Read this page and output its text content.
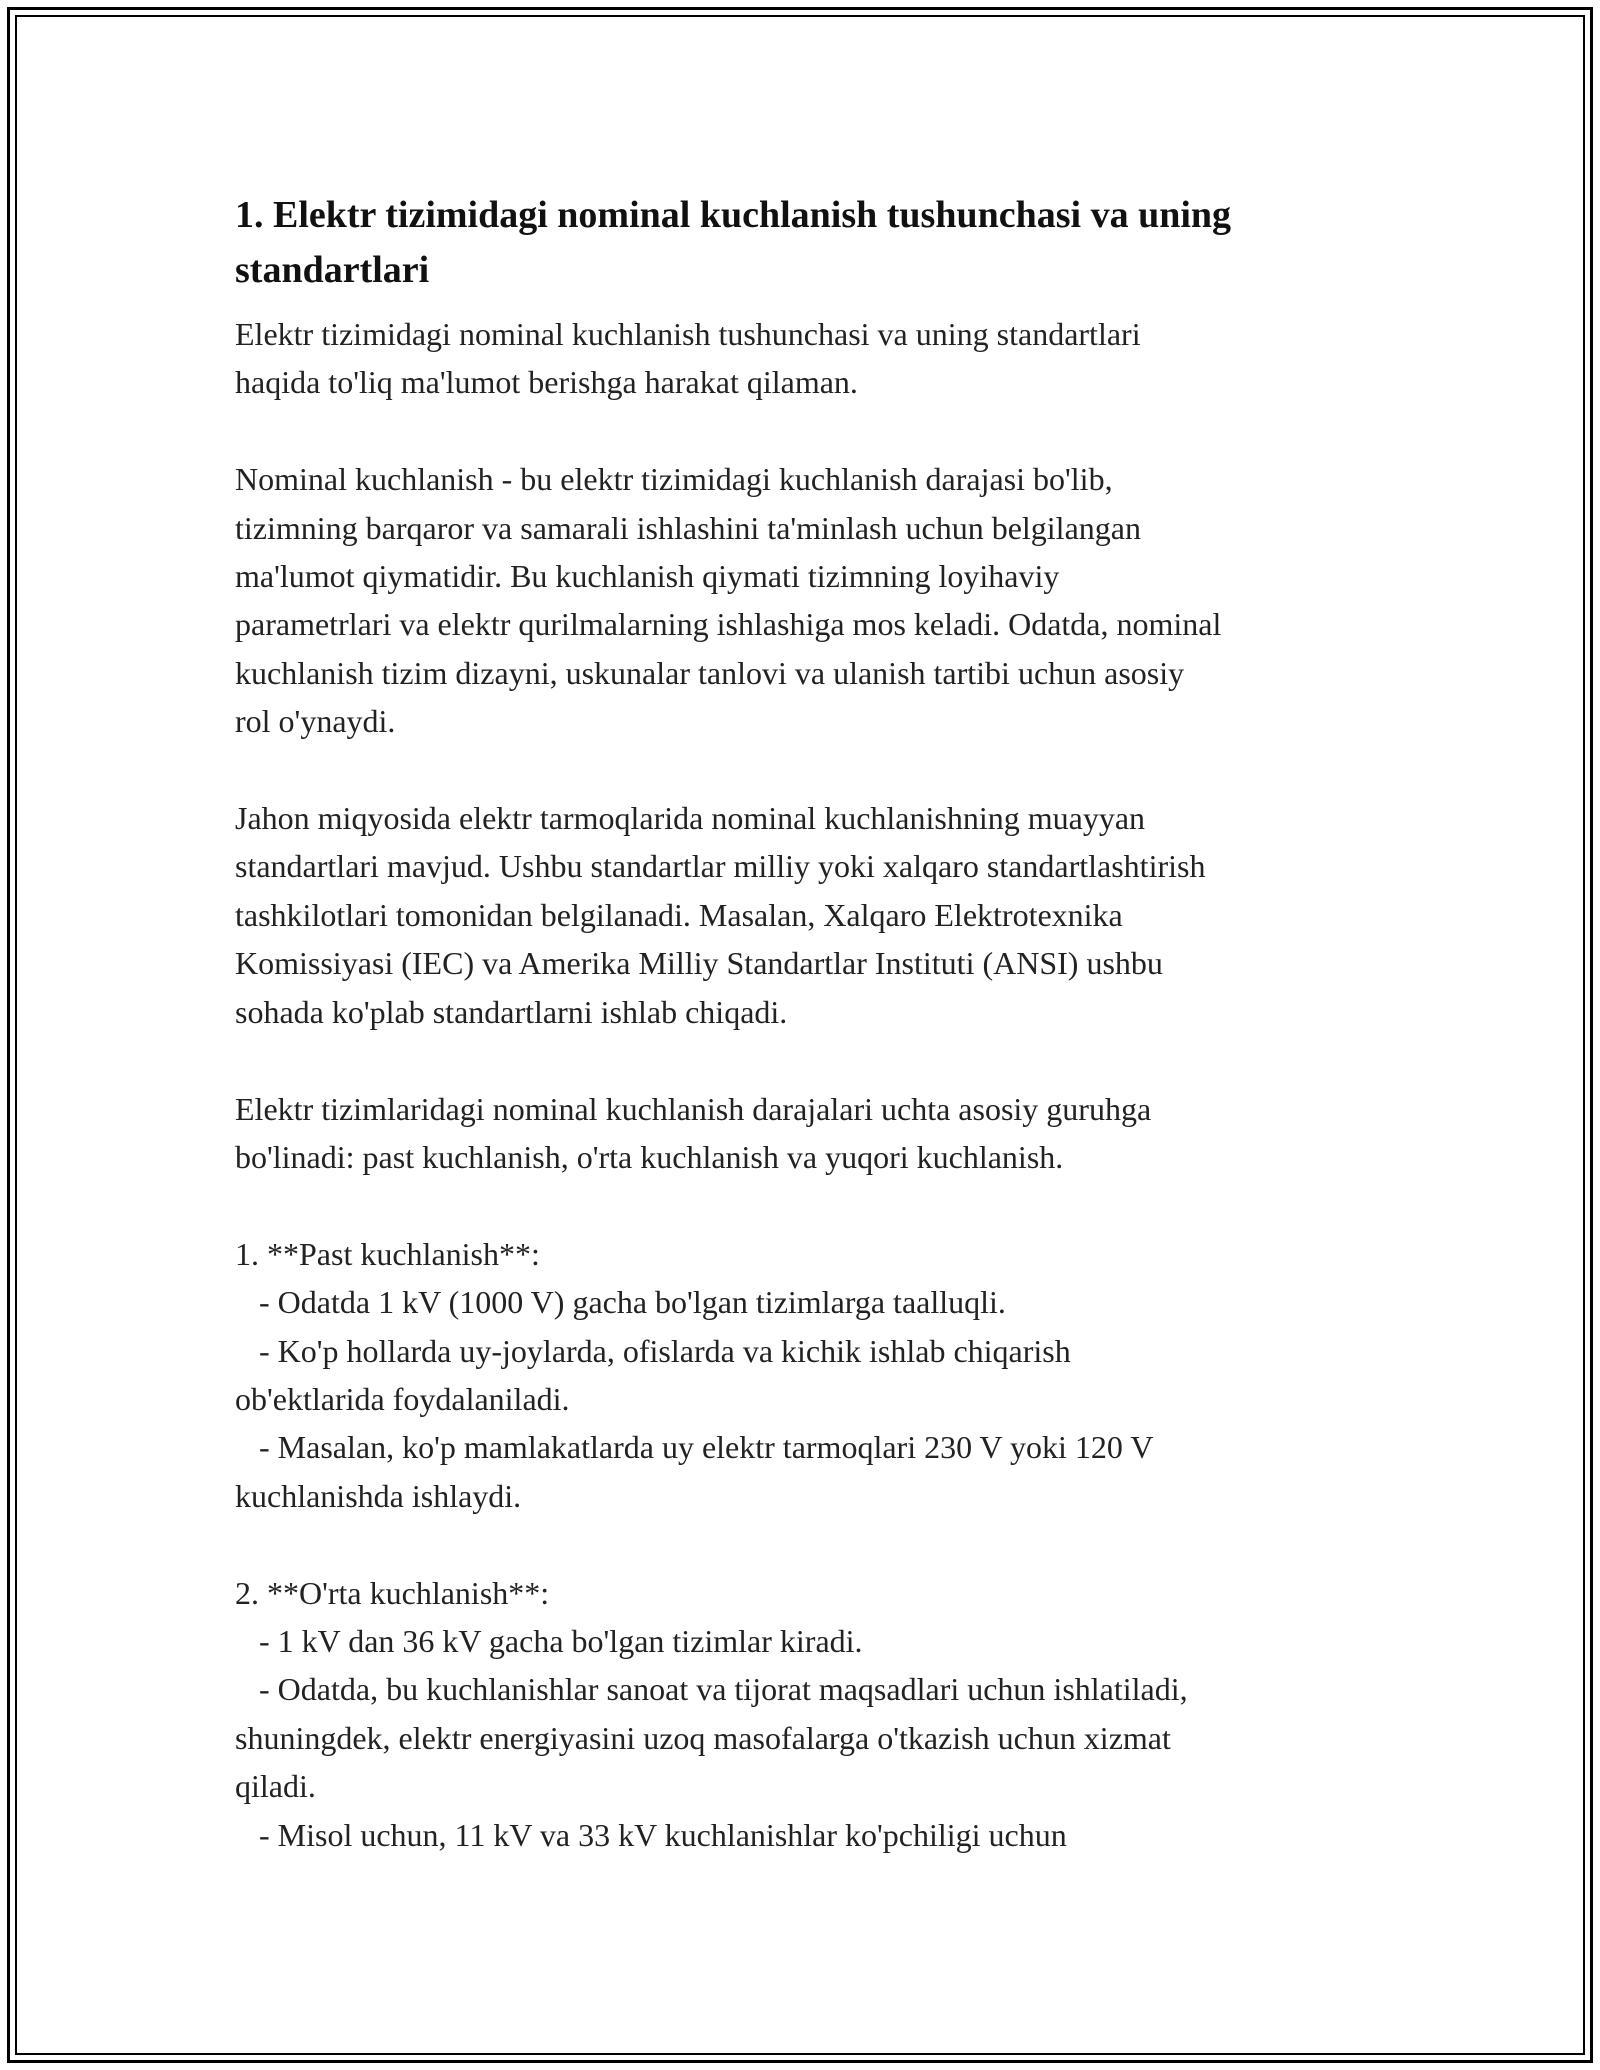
1. Elektr tizimidagi nominal kuchlanish tushunchasi va uning standartlari
Elektr tizimidagi nominal kuchlanish tushunchasi va uning standartlari
haqida to'liq ma'lumot berishga harakat qilaman.

Nominal kuchlanish - bu elektr tizimidagi kuchlanish darajasi bo'lib,
tizimning barqaror va samarali ishlashini ta'minlash uchun belgilangan
ma'lumot qiymatidir. Bu kuchlanish qiymati tizimning loyihaviy
parametrlari va elektr qurilmalarning ishlashiga mos keladi. Odatda, nominal
kuchlanish tizim dizayni, uskunalar tanlovi va ulanish tartibi uchun asosiy
rol o'ynaydi.

Jahon miqyosida elektr tarmoqlarida nominal kuchlanishning muayyan
standartlari mavjud. Ushbu standartlar milliy yoki xalqaro standartlashtirish
tashkilotlari tomonidan belgilanadi. Masalan, Xalqaro Elektrotexnika
Komissiyasi (IEC) va Amerika Milliy Standartlar Instituti (ANSI) ushbu
sohada ko'plab standartlarni ishlab chiqadi.

Elektr tizimlaridagi nominal kuchlanish darajalari uchta asosiy guruhga
bo'linadi: past kuchlanish, o'rta kuchlanish va yuqori kuchlanish.

1. **Past kuchlanish**:
- Odatda 1 kV (1000 V) gacha bo'lgan tizimlarga taalluqli.
- Ko'p hollarda uy-joylarda, ofislarda va kichik ishlab chiqarish
ob'ektlarida foydalaniladi.
- Masalan, ko'p mamlakatlarda uy elektr tarmoqlari 230 V yoki 120 V
kuchlanishda ishlaydi.

2. **O'rta kuchlanish**:
- 1 kV dan 36 kV gacha bo'lgan tizimlar kiradi.
- Odatda, bu kuchlanishlar sanoat va tijorat maqsadlari uchun ishlatiladi,
shuningdek, elektr energiyasini uzoq masofalarga o'tkazish uchun xizmat
qiladi.
- Misol uchun, 11 kV va 33 kV kuchlanishlar ko'pchiligi uchun
